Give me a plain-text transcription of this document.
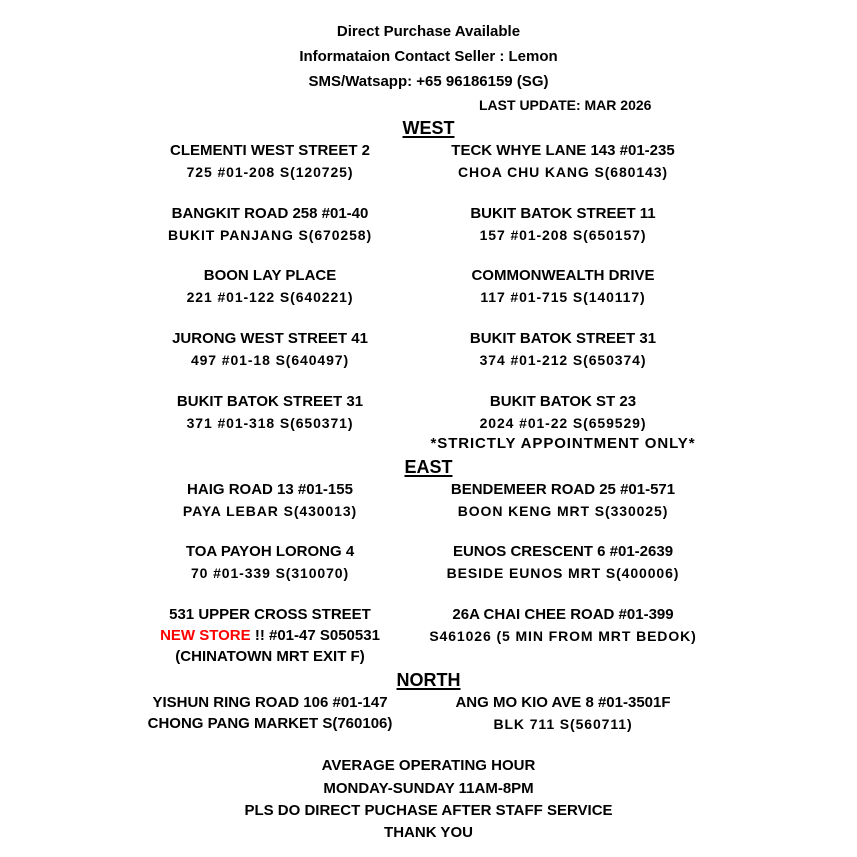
Direct Purchase Available
Informataion Contact Seller : Lemon
SMS/Watsapp: +65 96186159 (SG)
LAST UPDATE: MAR 2026
WEST
CLEMENTI WEST STREET 2
725 #01-208 S(120725)
TECK WHYE LANE 143 #01-235
CHOA CHU KANG S(680143)
BANGKIT ROAD 258 #01-40
BUKIT PANJANG S(670258)
BUKIT BATOK STREET 11
157 #01-208 S(650157)
BOON LAY PLACE
221 #01-122 S(640221)
COMMONWEALTH DRIVE
117 #01-715 S(140117)
JURONG WEST STREET 41
497 #01-18 S(640497)
BUKIT BATOK STREET 31
374 #01-212 S(650374)
BUKIT BATOK STREET 31
371 #01-318 S(650371)
BUKIT BATOK ST 23
2024 #01-22 S(659529)
*STRICTLY APPOINTMENT ONLY*
EAST
HAIG ROAD 13 #01-155
PAYA LEBAR S(430013)
BENDEMEER ROAD 25 #01-571
BOON KENG MRT S(330025)
TOA PAYOH LORONG 4
70 #01-339 S(310070)
EUNOS CRESCENT 6 #01-2639
BESIDE EUNOS MRT S(400006)
531 UPPER CROSS STREET
NEW STORE !! #01-47 S050531
(CHINATOWN MRT EXIT F)
26A CHAI CHEE ROAD #01-399
S461026 (5 MIN FROM MRT BEDOK)
NORTH
YISHUN RING ROAD 106 #01-147
CHONG PANG MARKET S(760106)
ANG MO KIO AVE 8 #01-3501F
BLK 711 S(560711)
AVERAGE OPERATING HOUR
MONDAY-SUNDAY 11AM-8PM
PLS DO DIRECT PUCHASE AFTER STAFF SERVICE
THANK YOU
